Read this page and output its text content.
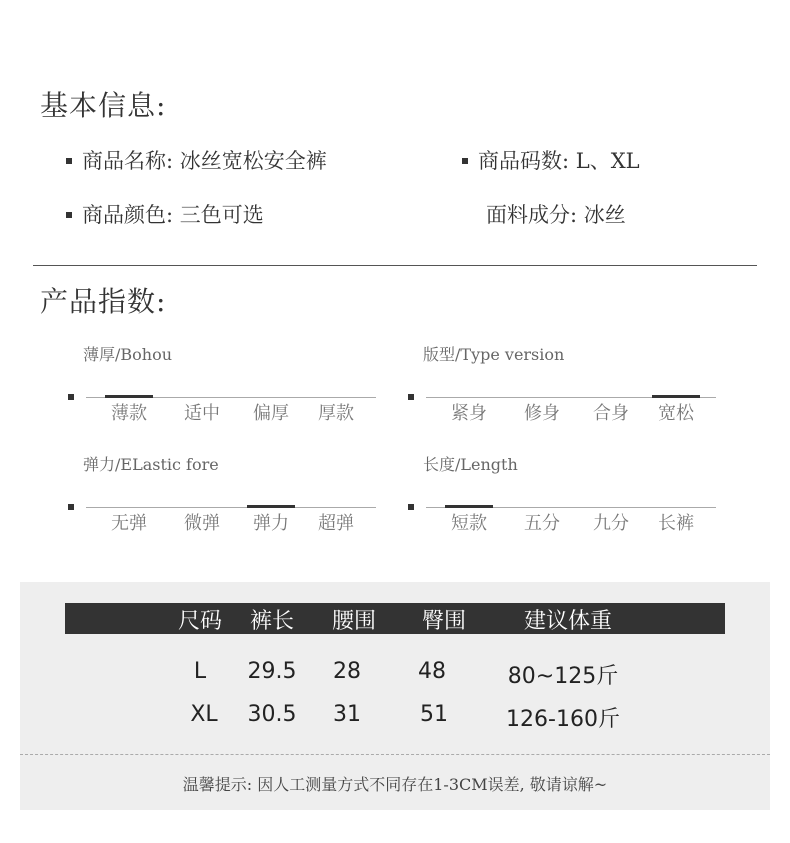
基本信息:
商品名称: 冰丝宽松安全裤	商品码数: L、XL
商品颜色: 三色可选	面料成分: 冰丝
产品指数:
薄厚/Bohou
薄款	适中	偏厚	厚款
版型/Type version
紧身	修身	合身	宽松
弹力/ELastic fore
无弹	微弹	弹力	超弹
长度/Length
短款	五分	九分	长裤
尺码	裤长	腰围	臀围	建议体重
L	29.5	28	48	80~125斤
XL	30.5	31	51	126-160斤
温馨提示: 因人工测量方式不同存在1-3CM误差, 敬请谅解~
